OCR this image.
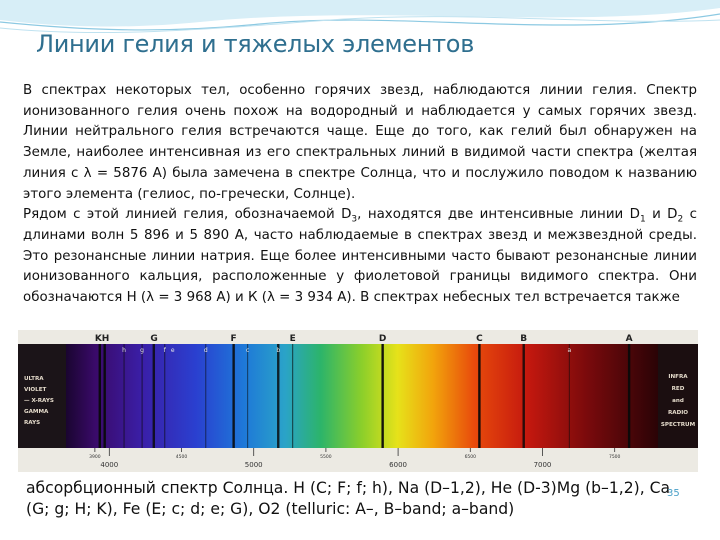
Линии гелия и тяжелых элементов

В спектрах некоторых тел, особенно горячих звезд, наблюдаются линии гелия. Спектр ионизованного гелия очень похож на водородный и наблюдается у самых горячих звезд. Линии нейтрального гелия встречаются чаще. Еще до того, как гелий был обнаружен на Земле, наиболее интенсивная из его спектральных линий в видимой части спектра (желтая линия с λ = 5876 А) была замечена в спектре Солнца, что и послужило поводом к названию этого элемента (гелиос, по-гречески, Солнце).

Рядом с этой линией гелия, обозначаемой $D_3$, находятся две интенсивные линии $D_1$ и $D_2$ с длинами волн 5 896 и 5 890 А, часто наблюдаемые в спектрах звезд и межзвездной среды. Это резонансные линии натрия. Еще более интенсивными часто бывают резонансные линии ионизованного кальция, расположенные у фиолетовой границы видимого спектра. Они обозначаются Н (λ = 3 968 А) и К (λ = 3 934 А). В спектрах небесных тел встречается также

KH	G	F	E	D	C	B	A
h g	f e	d	c	b	a
4000	5000	6000	7000
3900	4500	5500	6500	7500
ULTRA
VIOLET
— X-RAYS
GAMMA
RAYS
INFRA
RED
and
RADIO
SPECTRUM
абсорбционный спектр Солнца. H (C; F; f; h), Na (D–1,2), He (D-3)Mg (b–1,2), Ca (G; g; H; K), Fe (E; c; d; e; G), O2 (telluric: A–, B–band; a–band)
35
